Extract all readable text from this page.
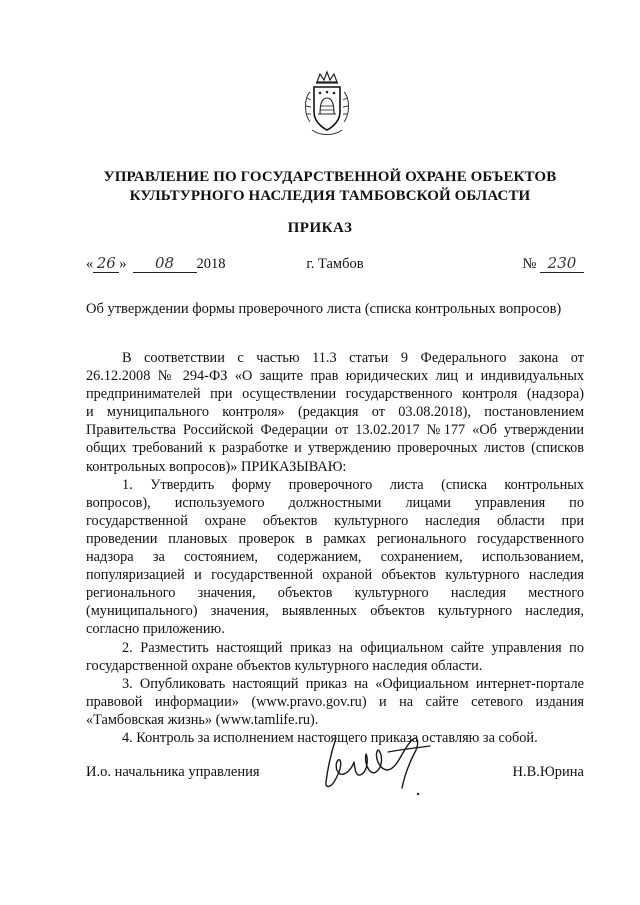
УПРАВЛЕНИЕ ПО ГОСУДАРСТВЕННОЙ ОХРАНЕ ОБЪЕКТОВ
КУЛЬТУРНОГО НАСЛЕДИЯ ТАМБОВСКОЙ ОБЛАСТИ
ПРИКАЗ
« 26 » 08 2018	г. Тамбов	№ 230
Об утверждении формы проверочного листа (списка контрольных вопросов)
В соответствии с частью 11.3 статьи 9 Федерального закона от
26.12.2008 № 294-ФЗ «О защите прав юридических лиц и индивидуальных
предпринимателей при осуществлении государственного контроля (надзора)
и муниципального контроля» (редакция от 03.08.2018), постановлением
Правительства Российской Федерации от 13.02.2017 №177 «Об утверждении
общих требований к разработке и утверждению проверочных листов (списков
контрольных вопросов)» ПРИКАЗЫВАЮ:
1. Утвердить форму проверочного листа (списка контрольных
вопросов), используемого должностными лицами управления по
государственной охране объектов культурного наследия области при
проведении плановых проверок в рамках регионального государственного
надзора за состоянием, содержанием, сохранением, использованием,
популяризацией и государственной охраной объектов культурного наследия
регионального значения, объектов культурного наследия местного
(муниципального) значения, выявленных объектов культурного наследия,
согласно приложению.
2. Разместить настоящий приказ на официальном сайте управления по
государственной охране объектов культурного наследия области.
3. Опубликовать настоящий приказ на «Официальном интернет-портале
правовой информации» (www.pravo.gov.ru) и на сайте сетевого издания
«Тамбовская жизнь» (www.tamlife.ru).
4. Контроль за исполнением настоящего приказа оставляю за собой.
И.о. начальника управления	Н.В.Юрина
